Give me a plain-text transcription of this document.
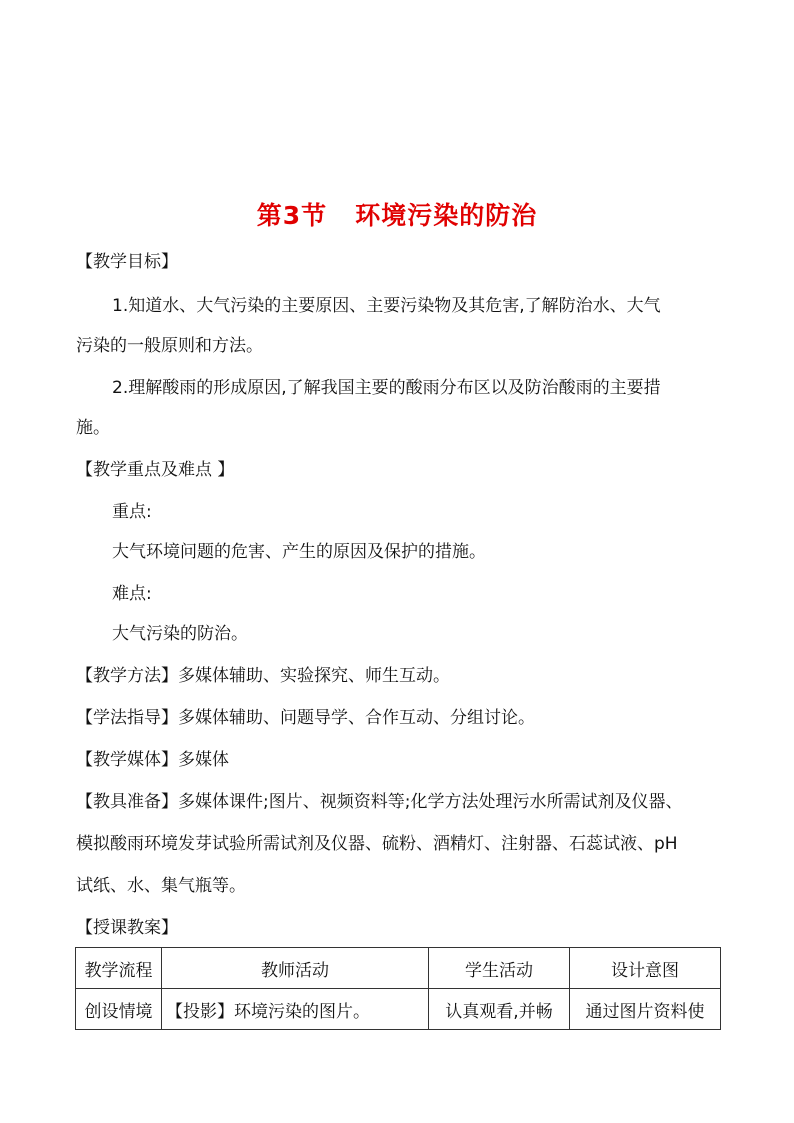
第3节 环境污染的防治
【教学目标】
1.知道水、大气污染的主要原因、主要污染物及其危害,了解防治水、大气
污染的一般原则和方法。
2.理解酸雨的形成原因,了解我国主要的酸雨分布区以及防治酸雨的主要措
施。
【教学重点及难点 】
重点:
大气环境问题的危害、产生的原因及保护的措施。
难点:
大气污染的防治。
【教学方法】多媒体辅助、实验探究、师生互动。
【学法指导】多媒体辅助、问题导学、合作互动、分组讨论。
【教学媒体】多媒体
【教具准备】多媒体课件;图片、视频资料等;化学方法处理污水所需试剂及仪器、
模拟酸雨环境发芽试验所需试剂及仪器、硫粉、酒精灯、注射器、石蕊试液、pH
试纸、水、集气瓶等。
【授课教案】
教学流程	教师活动	学生活动	设计意图
创设情境	【投影】环境污染的图片。	认真观看,并畅	通过图片资料使
